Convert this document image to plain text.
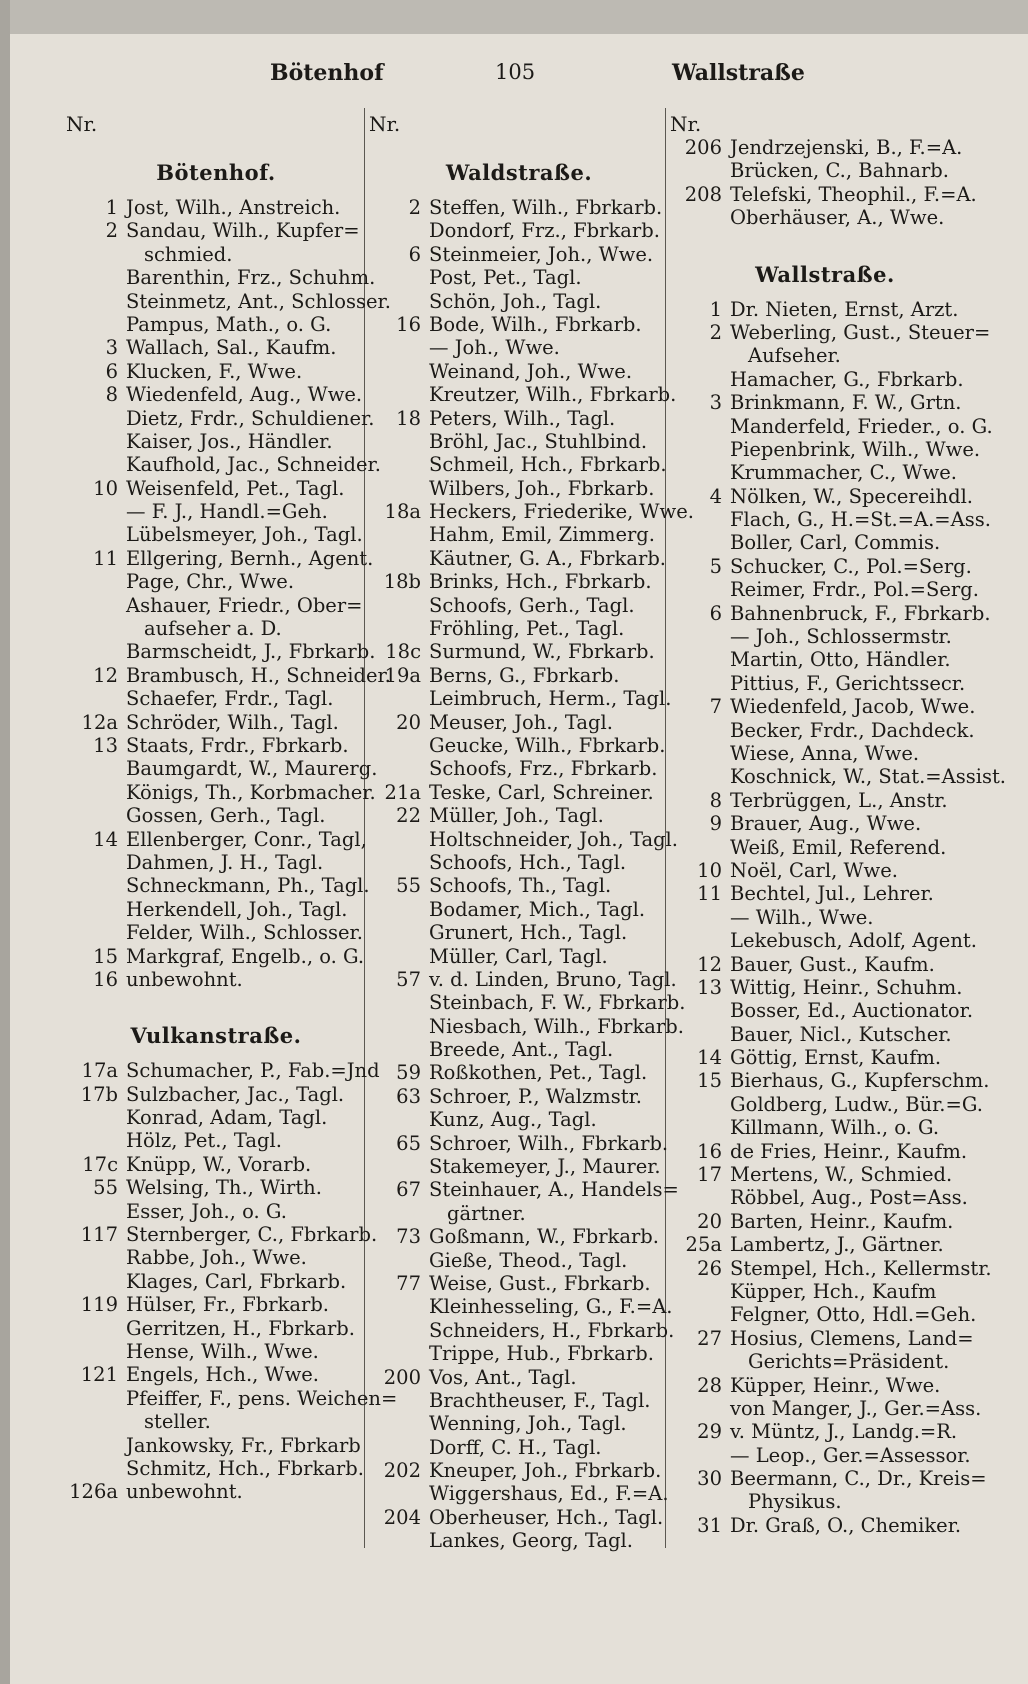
Bötenhof	105	Wallstraße
Nr.	Nr.	Nr.
Bötenhof.
1 Jost, Wilh., Anstreich.
2 Sandau, Wilh., Kupfer=
schmied.
Barenthin, Frz., Schuhm.
Steinmetz, Ant., Schlosser.
Pampus, Math., o. G.
3 Wallach, Sal., Kaufm.
6 Klucken, F., Wwe.
8 Wiedenfeld, Aug., Wwe.
Dietz, Frdr., Schuldiener.
Kaiser, Jos., Händler.
Kaufhold, Jac., Schneider.
10 Weisenfeld, Pet., Tagl.
— F. J., Handl.=Geh.
Lübelsmeyer, Joh., Tagl.
11 Ellgering, Bernh., Agent.
Page, Chr., Wwe.
Ashauer, Friedr., Ober=
aufseher a. D.
Barmscheidt, J., Fbrkarb.
12 Brambusch, H., Schneider.
Schaefer, Frdr., Tagl.
12a Schröder, Wilh., Tagl.
13 Staats, Frdr., Fbrkarb.
Baumgardt, W., Maurerg.
Königs, Th., Korbmacher.
Gossen, Gerh., Tagl.
14 Ellenberger, Conr., Tagl,
Dahmen, J. H., Tagl.
Schneckmann, Ph., Tagl.
Herkendell, Joh., Tagl.
Felder, Wilh., Schlosser.
15 Markgraf, Engelb., o. G.
16 unbewohnt.
Vulkanstraße.
17a Schumacher, P., Fab.=Jnd
17b Sulzbacher, Jac., Tagl.
Konrad, Adam, Tagl.
Hölz, Pet., Tagl.
17c Knüpp, W., Vorarb.
55 Welsing, Th., Wirth.
Esser, Joh., o. G.
117 Sternberger, C., Fbrkarb.
Rabbe, Joh., Wwe.
Klages, Carl, Fbrkarb.
119 Hülser, Fr., Fbrkarb.
Gerritzen, H., Fbrkarb.
Hense, Wilh., Wwe.
121 Engels, Hch., Wwe.
Pfeiffer, F., pens. Weichen=
steller.
Jankowsky, Fr., Fbrkarb
Schmitz, Hch., Fbrkarb.
126a unbewohnt.
Waldstraße.
2 Steffen, Wilh., Fbrkarb.
Dondorf, Frz., Fbrkarb.
6 Steinmeier, Joh., Wwe.
Post, Pet., Tagl.
Schön, Joh., Tagl.
16 Bode, Wilh., Fbrkarb.
— Joh., Wwe.
Weinand, Joh., Wwe.
Kreutzer, Wilh., Fbrkarb.
18 Peters, Wilh., Tagl.
Bröhl, Jac., Stuhlbind.
Schmeil, Hch., Fbrkarb.
Wilbers, Joh., Fbrkarb.
18a Heckers, Friederike, Wwe.
Hahm, Emil, Zimmerg.
Käutner, G. A., Fbrkarb.
18b Brinks, Hch., Fbrkarb.
Schoofs, Gerh., Tagl.
Fröhling, Pet., Tagl.
18c Surmund, W., Fbrkarb.
19a Berns, G., Fbrkarb.
Leimbruch, Herm., Tagl.
20 Meuser, Joh., Tagl.
Geucke, Wilh., Fbrkarb.
Schoofs, Frz., Fbrkarb.
21a Teske, Carl, Schreiner.
22 Müller, Joh., Tagl.
Holtschneider, Joh., Tagl.
Schoofs, Hch., Tagl.
55 Schoofs, Th., Tagl.
Bodamer, Mich., Tagl.
Grunert, Hch., Tagl.
Müller, Carl, Tagl.
57 v. d. Linden, Bruno, Tagl.
Steinbach, F. W., Fbrkarb.
Niesbach, Wilh., Fbrkarb.
Breede, Ant., Tagl.
59 Roßkothen, Pet., Tagl.
63 Schroer, P., Walzmstr.
Kunz, Aug., Tagl.
65 Schroer, Wilh., Fbrkarb.
Stakemeyer, J., Maurer.
67 Steinhauer, A., Handels=
gärtner.
73 Goßmann, W., Fbrkarb.
Gieße, Theod., Tagl.
77 Weise, Gust., Fbrkarb.
Kleinhesseling, G., F.=A.
Schneiders, H., Fbrkarb.
Trippe, Hub., Fbrkarb.
200 Vos, Ant., Tagl.
Brachtheuser, F., Tagl.
Wenning, Joh., Tagl.
Dorff, C. H., Tagl.
202 Kneuper, Joh., Fbrkarb.
Wiggershaus, Ed., F.=A.
204 Oberheuser, Hch., Tagl.
Lankes, Georg, Tagl.
206 Jendrzejenski, B., F.=A.
Brücken, C., Bahnarb.
208 Telefski, Theophil., F.=A.
Oberhäuser, A., Wwe.
Wallstraße.
1 Dr. Nieten, Ernst, Arzt.
2 Weberling, Gust., Steuer=
Aufseher.
Hamacher, G., Fbrkarb.
3 Brinkmann, F. W., Grtn.
Manderfeld, Frieder., o. G.
Piepenbrink, Wilh., Wwe.
Krummacher, C., Wwe.
4 Nölken, W., Specereihdl.
Flach, G., H.=St.=A.=Ass.
Boller, Carl, Commis.
5 Schucker, C., Pol.=Serg.
Reimer, Frdr., Pol.=Serg.
6 Bahnenbruck, F., Fbrkarb.
— Joh., Schlossermstr.
Martin, Otto, Händler.
Pittius, F., Gerichtssecr.
7 Wiedenfeld, Jacob, Wwe.
Becker, Frdr., Dachdeck.
Wiese, Anna, Wwe.
Koschnick, W., Stat.=Assist.
8 Terbrüggen, L., Anstr.
9 Brauer, Aug., Wwe.
Weiß, Emil, Referend.
10 Noël, Carl, Wwe.
11 Bechtel, Jul., Lehrer.
— Wilh., Wwe.
Lekebusch, Adolf, Agent.
12 Bauer, Gust., Kaufm.
13 Wittig, Heinr., Schuhm.
Bosser, Ed., Auctionator.
Bauer, Nicl., Kutscher.
14 Göttig, Ernst, Kaufm.
15 Bierhaus, G., Kupferschm.
Goldberg, Ludw., Bür.=G.
Killmann, Wilh., o. G.
16 de Fries, Heinr., Kaufm.
17 Mertens, W., Schmied.
Röbbel, Aug., Post=Ass.
20 Barten, Heinr., Kaufm.
25a Lambertz, J., Gärtner.
26 Stempel, Hch., Kellermstr.
Küpper, Hch., Kaufm
Felgner, Otto, Hdl.=Geh.
27 Hosius, Clemens, Land=
Gerichts=Präsident.
28 Küpper, Heinr., Wwe.
von Manger, J., Ger.=Ass.
29 v. Müntz, J., Landg.=R.
— Leop., Ger.=Assessor.
30 Beermann, C., Dr., Kreis=
Physikus.
31 Dr. Graß, O., Chemiker.
